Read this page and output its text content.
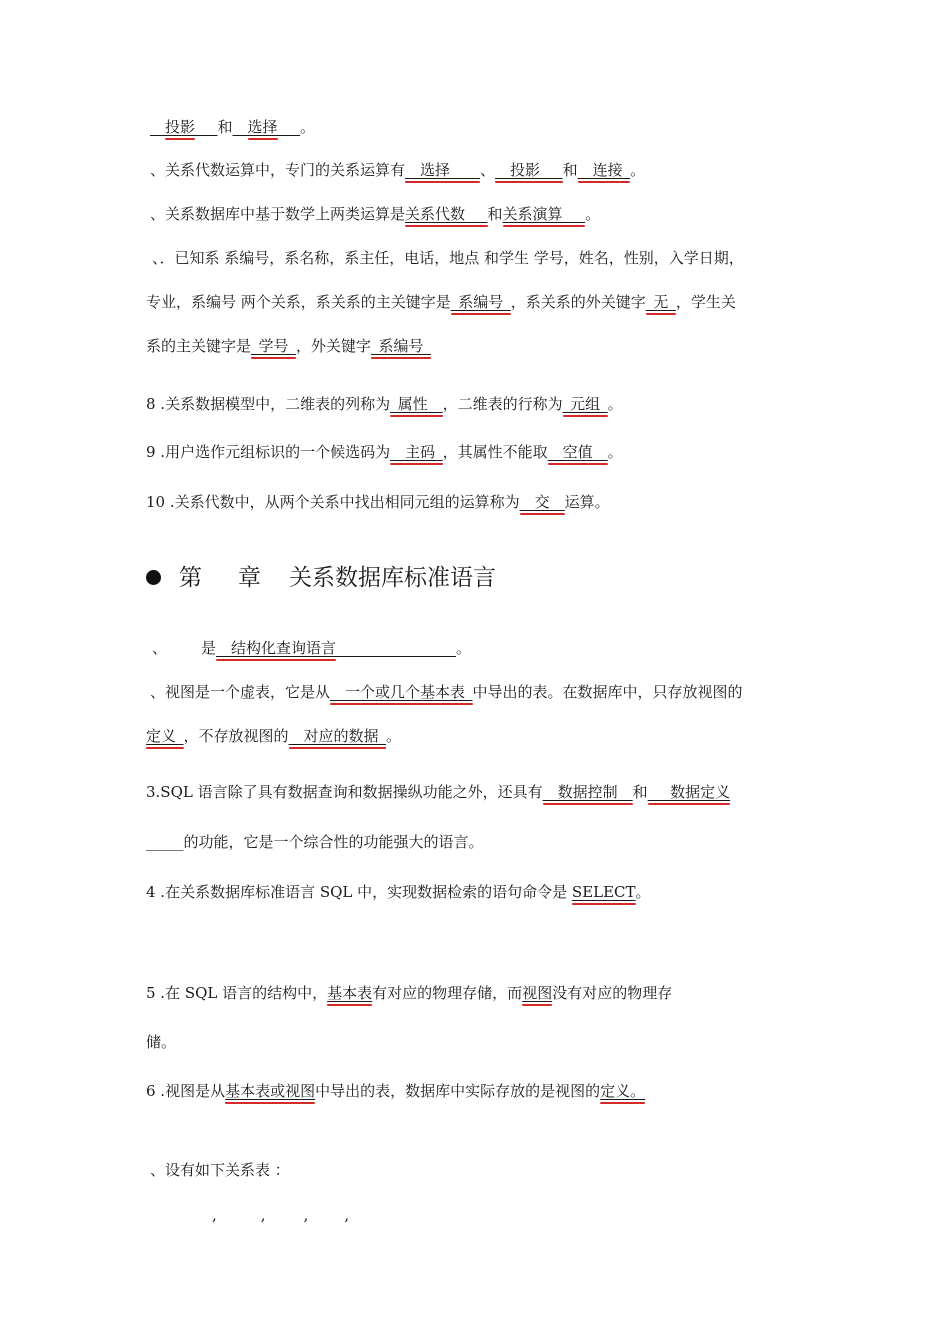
__投影___和__选择___。
、关系代数运算中，专门的关系运算有__选择____、__投影___和__连接_。
、关系数据库中基于数学上两类运算是关系代数___和关系演算___。
、．已知系 系编号，系名称，系主任，电话，地点 和学生 学号，姓名，性别，入学日期，
专业，系编号 两个关系，系关系的主关键字是_系编号_，系关系的外关键字_无_，学生关
系的主关键字是_学号_，外关键字_系编号_
8 .关系数据模型中，二维表的列称为_属性__，二维表的行称为_元组_。
9 .用户选作元组标识的一个候选码为__主码_，其属性不能取__空值__。
10 .关系代数中，从两个关系中找出相同元组的运算称为__交__运算。
第 章 关系数据库标准语言
、 是__结构化查询语言________________。
、视图是一个虚表，它是从__一个或几个基本表_中导出的表。在数据库中，只存放视图的
定义_，不存放视图的__对应的数据_。
3.SQL 语言除了具有数据查询和数据操纵功能之外，还具有__数据控制__和___数据定义
_____的功能，它是一个综合性的功能强大的语言。
4 .在关系数据库标准语言 SQL 中，实现数据检索的语句命令是 SELECT。
5 .在 SQL 语言的结构中，基本表有对应的物理存储，而视图没有对应的物理存
储。
6 .视图是从基本表或视图中导出的表，数据库中实际存放的是视图的定义。
、设有如下关系表 ：
,	,	, ,
